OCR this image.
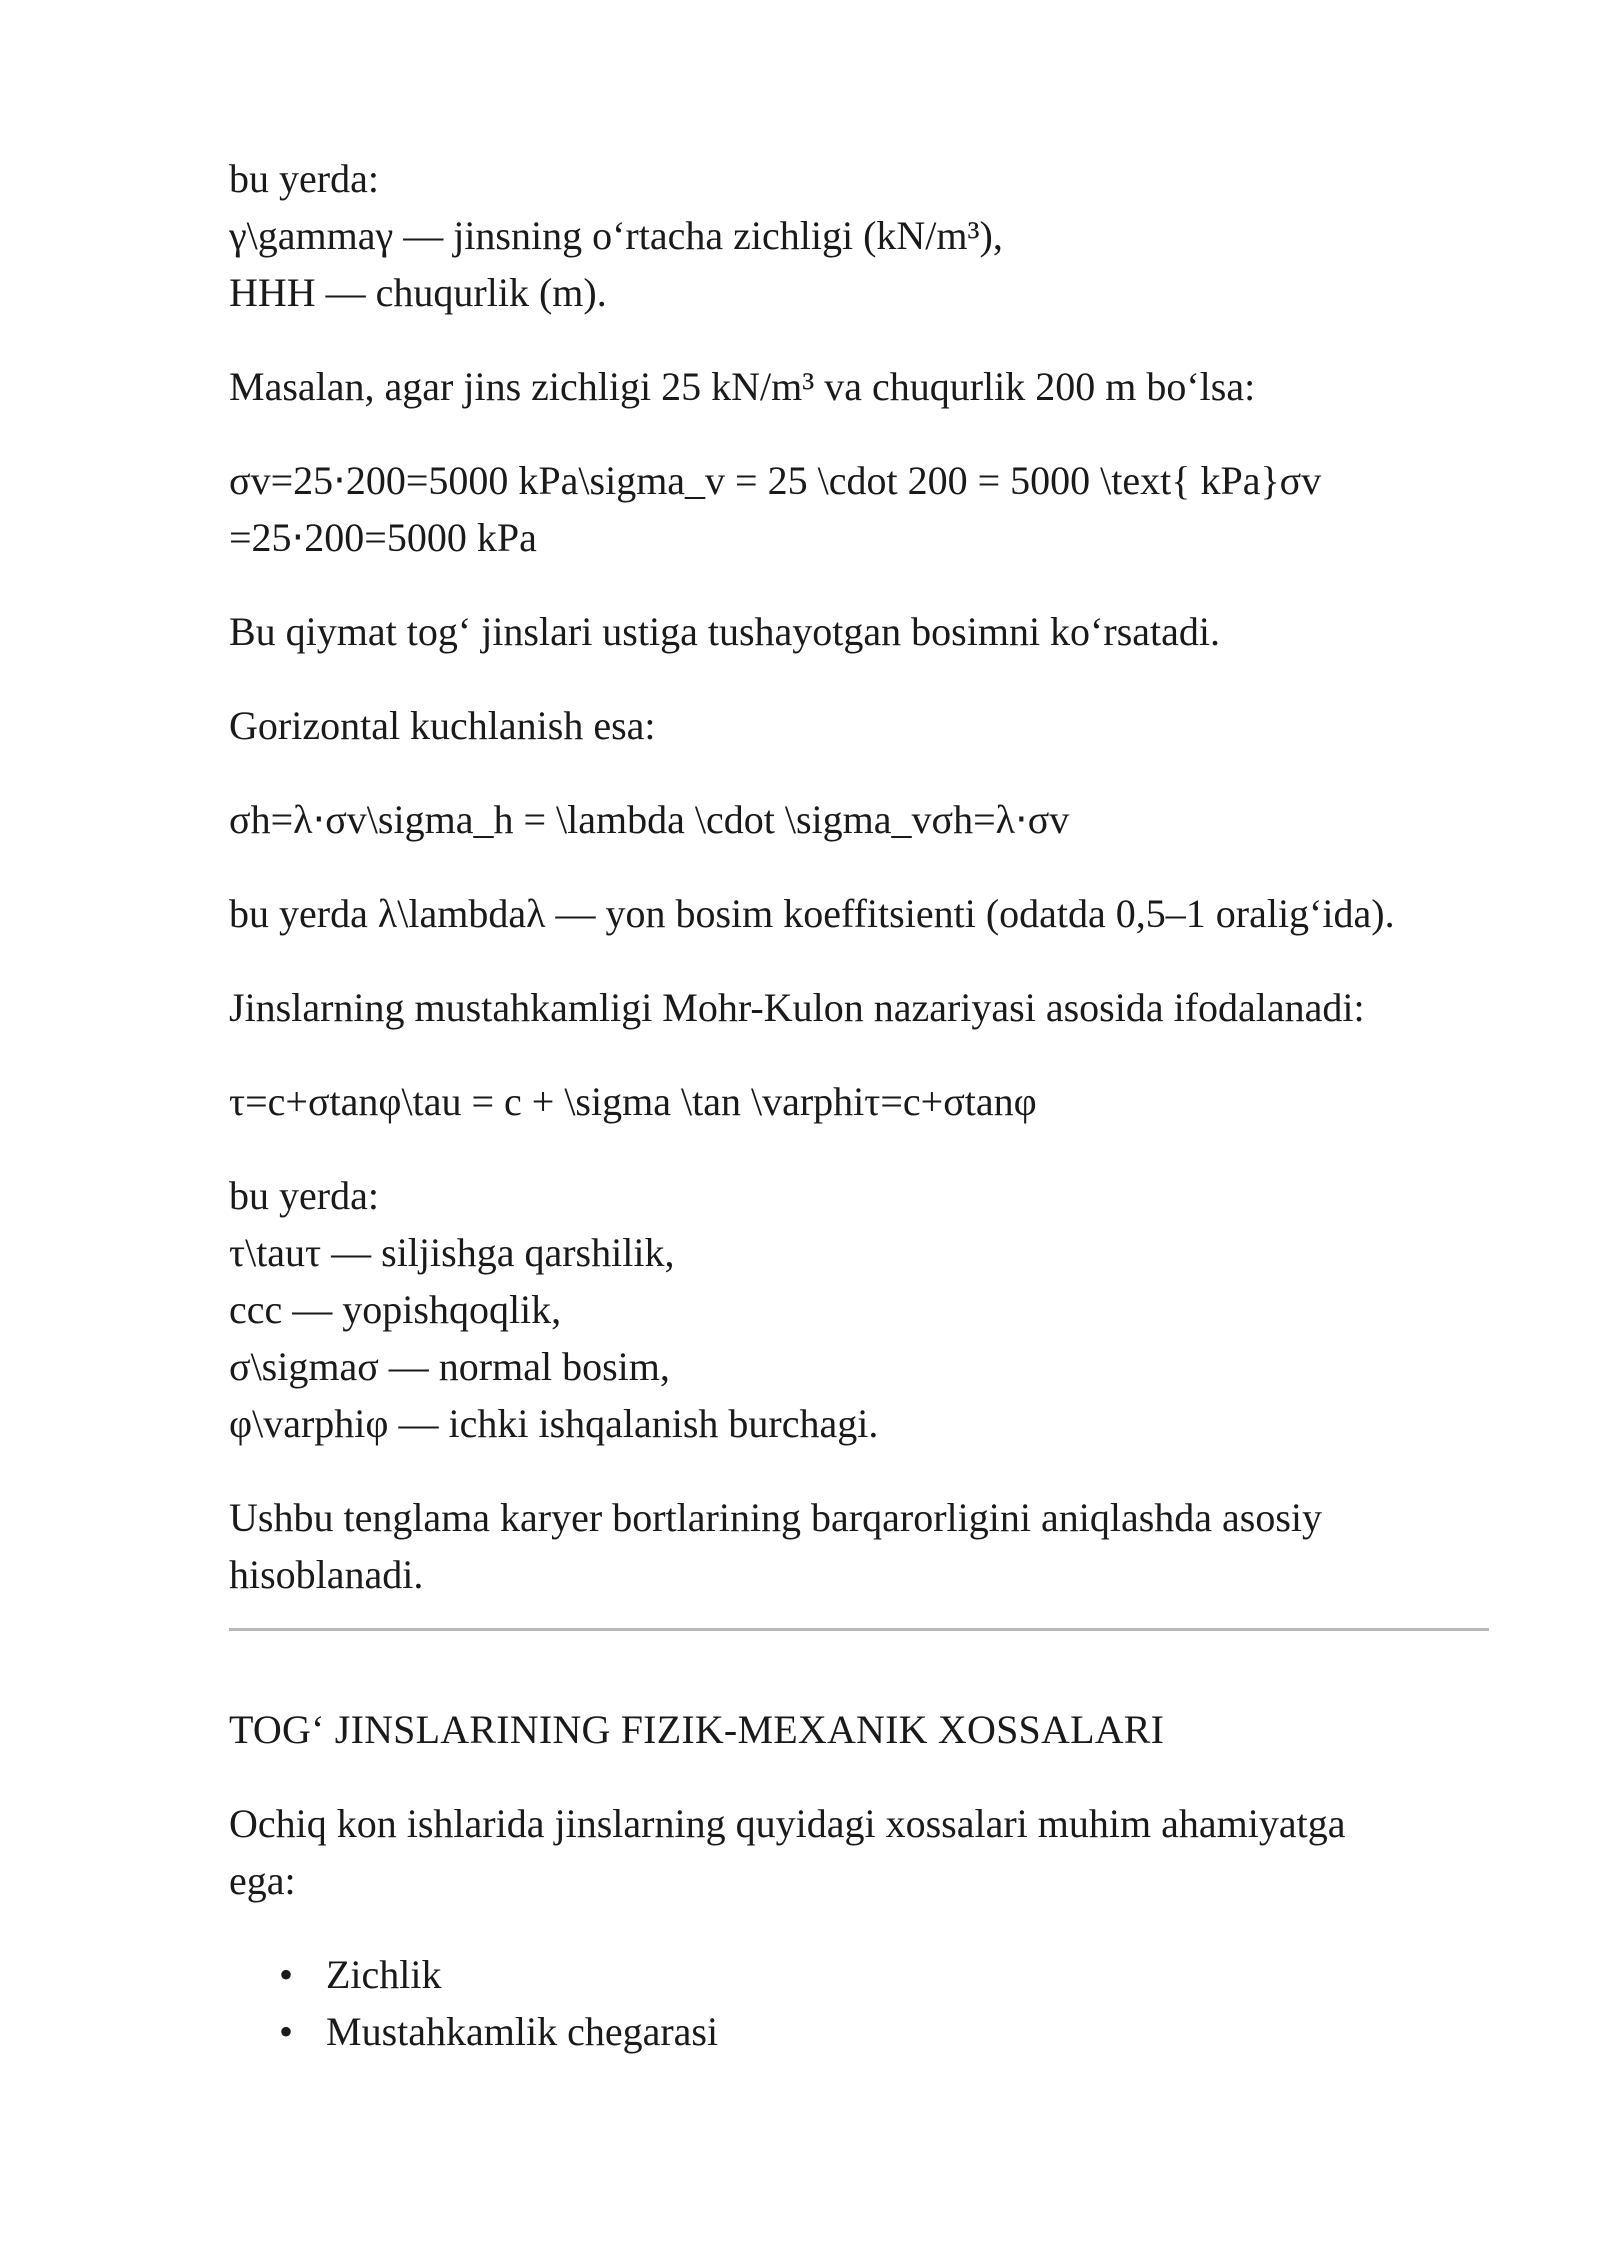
bu yerda:
γ\gammaγ — jinsning o‘rtacha zichligi (kN/m³),
HHH — chuqurlik (m).

Masalan, agar jins zichligi 25 kN/m³ va chuqurlik 200 m bo‘lsa:

σv=25⋅200=5000 kPa\sigma_v = 25 \cdot 200 = 5000 \text{ kPa}σv
=25⋅200=5000 kPa

Bu qiymat tog‘ jinslari ustiga tushayotgan bosimni ko‘rsatadi.

Gorizontal kuchlanish esa:

σh=λ⋅σv\sigma_h = \lambda \cdot \sigma_vσh=λ⋅σv

bu yerda λ\lambdaλ — yon bosim koeffitsienti (odatda 0,5–1 oralig‘ida).

Jinslarning mustahkamligi Mohr-Kulon nazariyasi asosida ifodalanadi:

τ=c+σtanφ\tau = c + \sigma \tan \varphiτ=c+σtanφ

bu yerda:
τ\tauτ — siljishga qarshilik,
ccc — yopishqoqlik,
σ\sigmaσ — normal bosim,
φ\varphiφ — ichki ishqalanish burchagi.
Ushbu tenglama karyer bortlarining barqarorligini aniqlashda asosiy
hisoblanadi.

TOG‘ JINSLARINING FIZIK-MEXANIK XOSSALARI

Ochiq kon ishlarida jinslarning quyidagi xossalari muhim ahamiyatga
ega:
• Zichlik
• Mustahkamlik chegarasi
